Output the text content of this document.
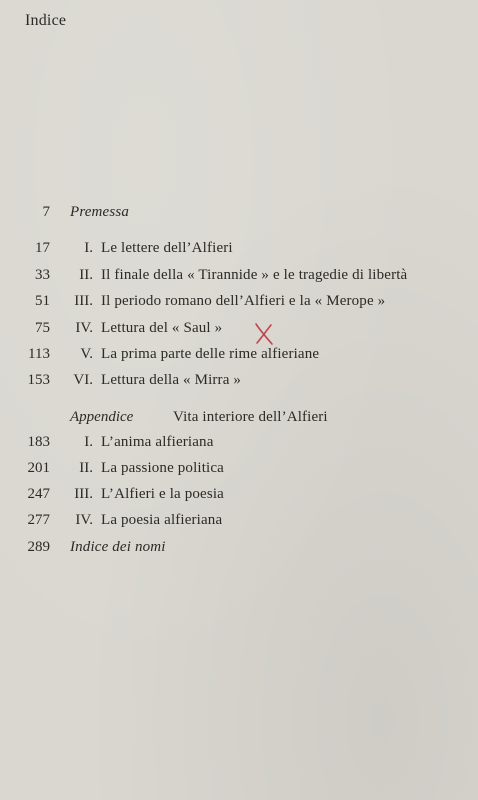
Indice
7 Premessa
17	I. Le lettere dell’Alfieri
33	II. Il finale della « Tirannide » e le tragedie di libertà
51	III. Il periodo romano dell’Alfieri e la « Merope »
75	IV. Lettura del « Saul »
113	V. La prima parte delle rime alfieriane
153	VI. Lettura della « Mirra »
Appendice	Vita interiore dell’Alfieri
183	I. L’anima alfieriana
201	II. La passione politica
247	III. L’Alfieri e la poesia
277	IV. La poesia alfieriana
289 Indice dei nomi
